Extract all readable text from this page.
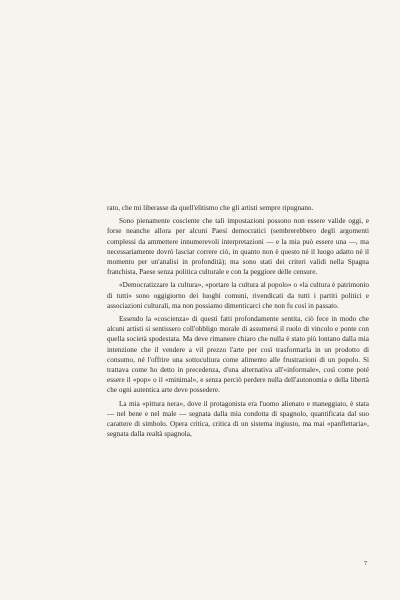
rato, che mi liberasse da quell'elitismo che gli artisti sempre ripugnano.

Sono pienamente cosciente che tali impostazioni possono non essere valide oggi, e forse neanche allora per alcuni Paesi democratici (sembrerebbero degli argomenti complessi da ammettere innumerevoli interpretazioni — e la mia può essere una —, ma necessariamente dovrò lasciar correre ciò, in quanto non è questo né il luogo adatto né il momento per un'analisi in profondità); ma sono stati dei criteri validi nella Spagna franchista, Paese senza politica culturale e con la peggiore delle censure.

«Democratizzare la cultura», «portare la cultura al popolo» o «la cultura è patrimonio di tutti» sono oggigiorno dei luoghi comuni, rivendicati da tutti i partiti politici e associazioni culturali, ma non possiamo dimenticarci che non fu così in passato.

Essendo la «coscienza» di questi fatti profondamente sentita, ciò fece in modo che alcuni artisti si sentissero coll'obbligo morale di assumersi il ruolo di vincolo e ponte con quella società spodestata. Ma deve rimanere chiaro che nulla è stato più lontano dalla mia intenzione che il vendere a vil prezzo l'arte per così trasformarla in un prodotto di consumo, né l'offrire una sottocultura come alimento alle frustrazioni di un popolo. Si trattava come ho detto in precedenza, d'una alternativa all'«informale», così come poté essere il «pop» o il «minimal», e senza perciò perdere nulla dell'autonomia e della libertà che ogni autentica arte deve possedere.

La mia «pittura nera», dove il protagonista era l'uomo alienato e maneggiato, è stata — nel bene e nel male — segnata dalla mia condotta di spagnolo, quantificata dal suo carattere di simbolo. Opera critica, critica di un sistema ingiusto, ma mai «panflettaria», segnata dalla realtà spagnola,

7
